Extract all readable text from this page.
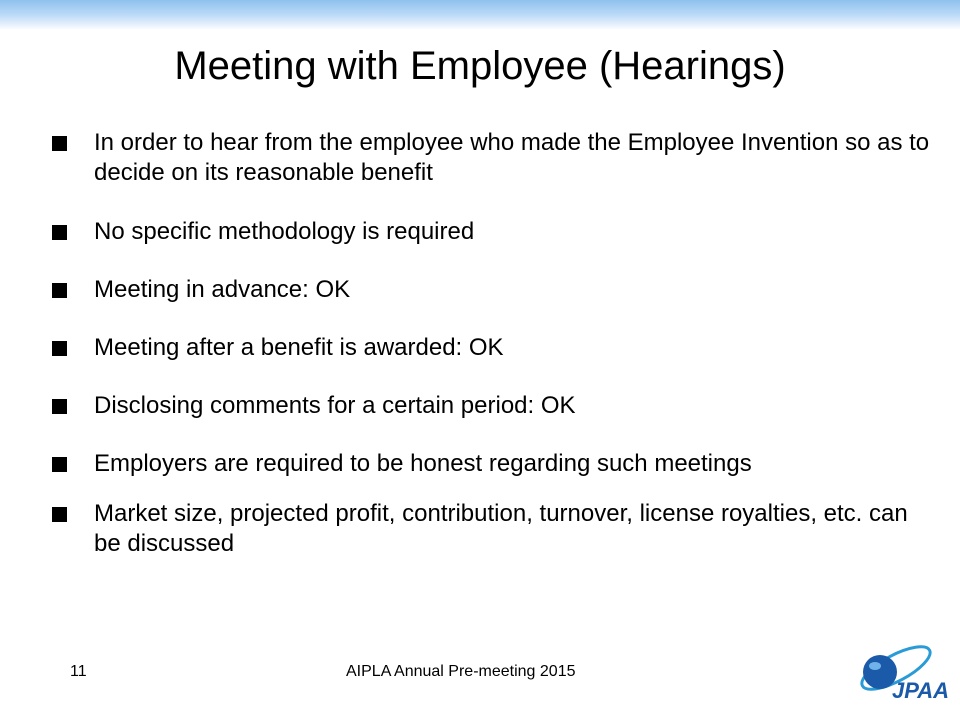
Meeting with Employee (Hearings)
In order to hear from the employee who made the Employee Invention so as to decide on its reasonable benefit
No specific methodology is required
Meeting in advance: OK
Meeting after a benefit is awarded: OK
Disclosing comments for a certain period: OK
Employers are required to be honest regarding such meetings
Market size, projected profit, contribution, turnover, license royalties, etc. can be discussed
11	AIPLA Annual Pre-meeting 2015
JPAA
